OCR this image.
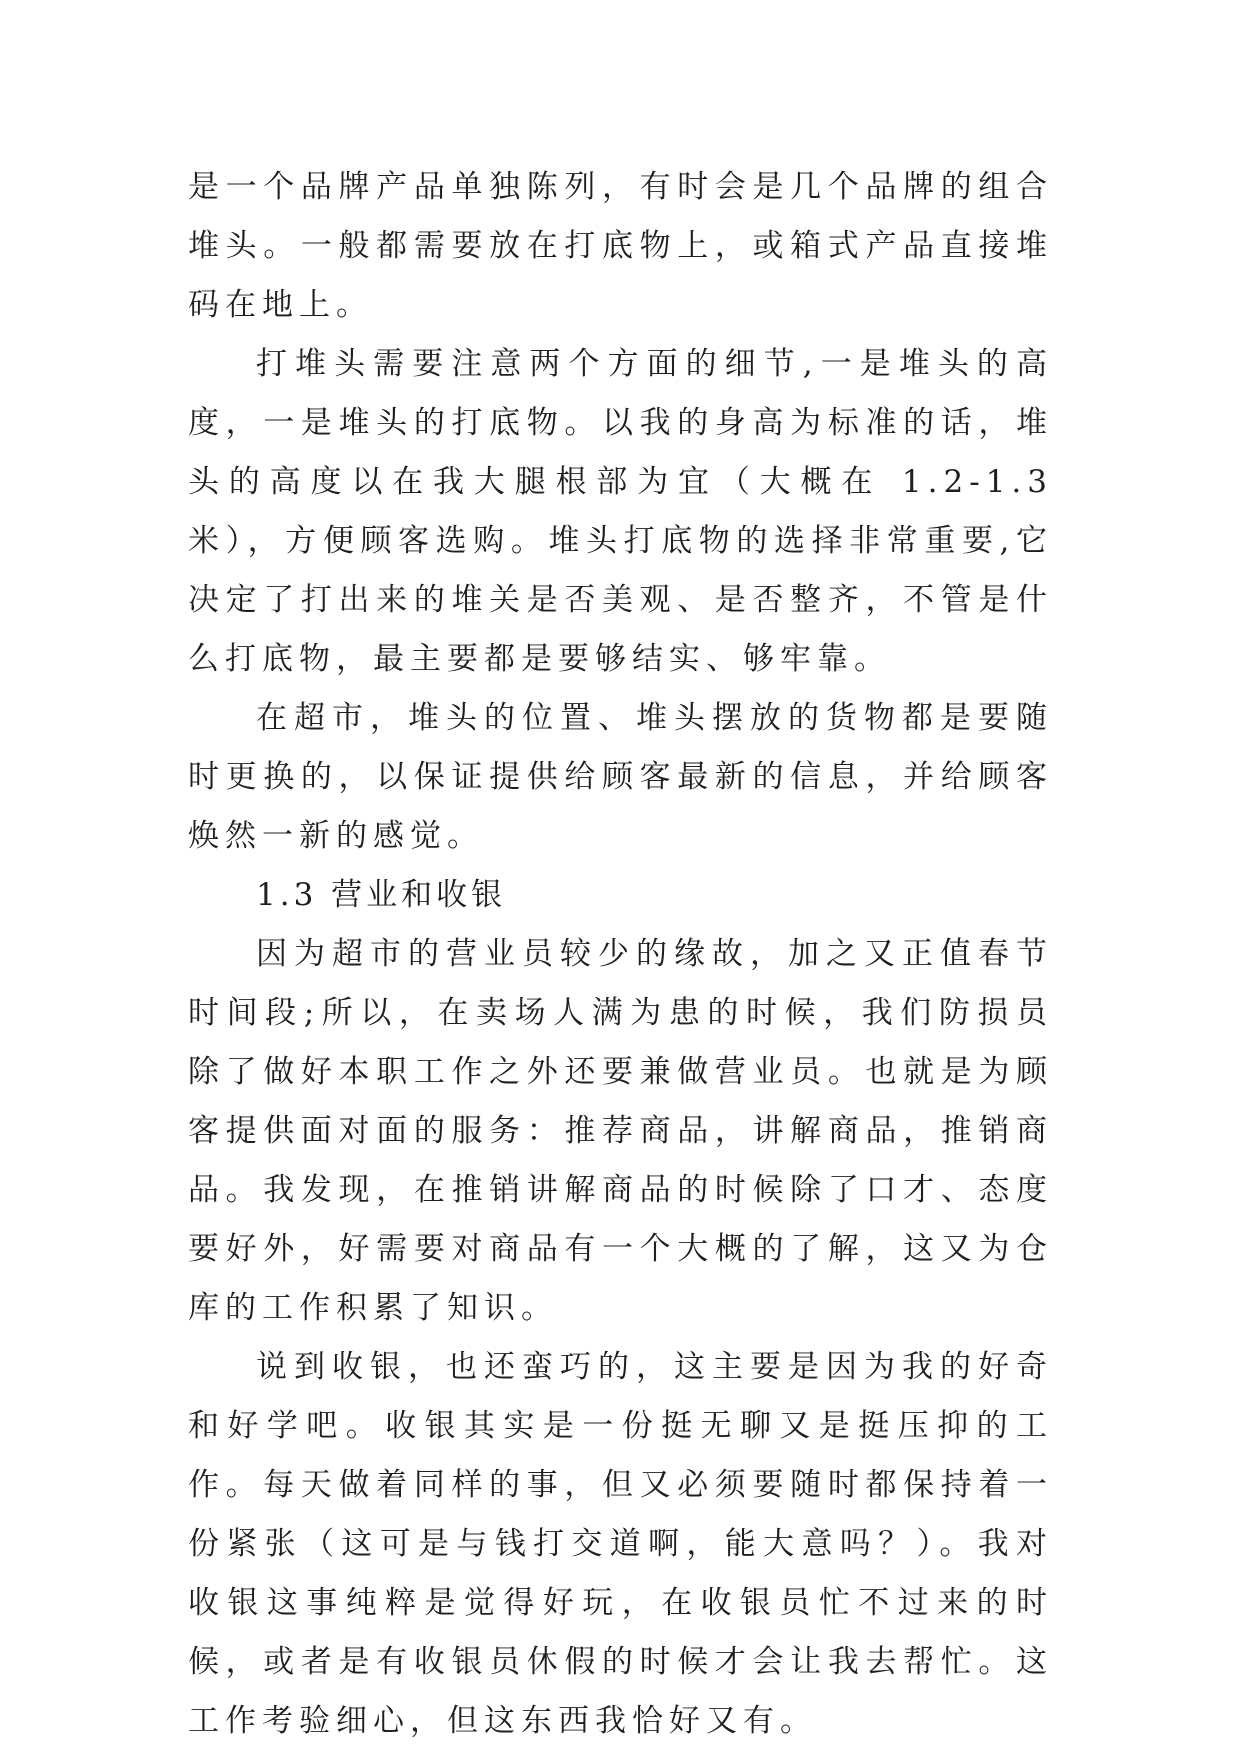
是一个品牌产品单独陈列，有时会是几个品牌的组合堆头。一般都需要放在打底物上，或箱式产品直接堆码在地上。

打堆头需要注意两个方面的细节,一是堆头的高度，一是堆头的打底物。以我的身高为标准的话，堆头的高度以在我大腿根部为宜（大概在 1.2-1.3 米），方便顾客选购。堆头打底物的选择非常重要,它决定了打出来的堆关是否美观、是否整齐，不管是什么打底物，最主要都是要够结实、够牢靠。

在超市，堆头的位置、堆头摆放的货物都是要随时更换的，以保证提供给顾客最新的信息，并给顾客焕然一新的感觉。

1.3 营业和收银

因为超市的营业员较少的缘故，加之又正值春节时间段;所以，在卖场人满为患的时候，我们防损员除了做好本职工作之外还要兼做营业员。也就是为顾客提供面对面的服务：推荐商品，讲解商品，推销商品。我发现，在推销讲解商品的时候除了口才、态度要好外，好需要对商品有一个大概的了解，这又为仓库的工作积累了知识。

说到收银，也还蛮巧的，这主要是因为我的好奇和好学吧。收银其实是一份挺无聊又是挺压抑的工作。每天做着同样的事，但又必须要随时都保持着一份紧张（这可是与钱打交道啊，能大意吗？）。我对收银这事纯粹是觉得好玩，在收银员忙不过来的时候，或者是有收银员休假的时候才会让我去帮忙。这工作考验细心，但这东西我恰好又有。
